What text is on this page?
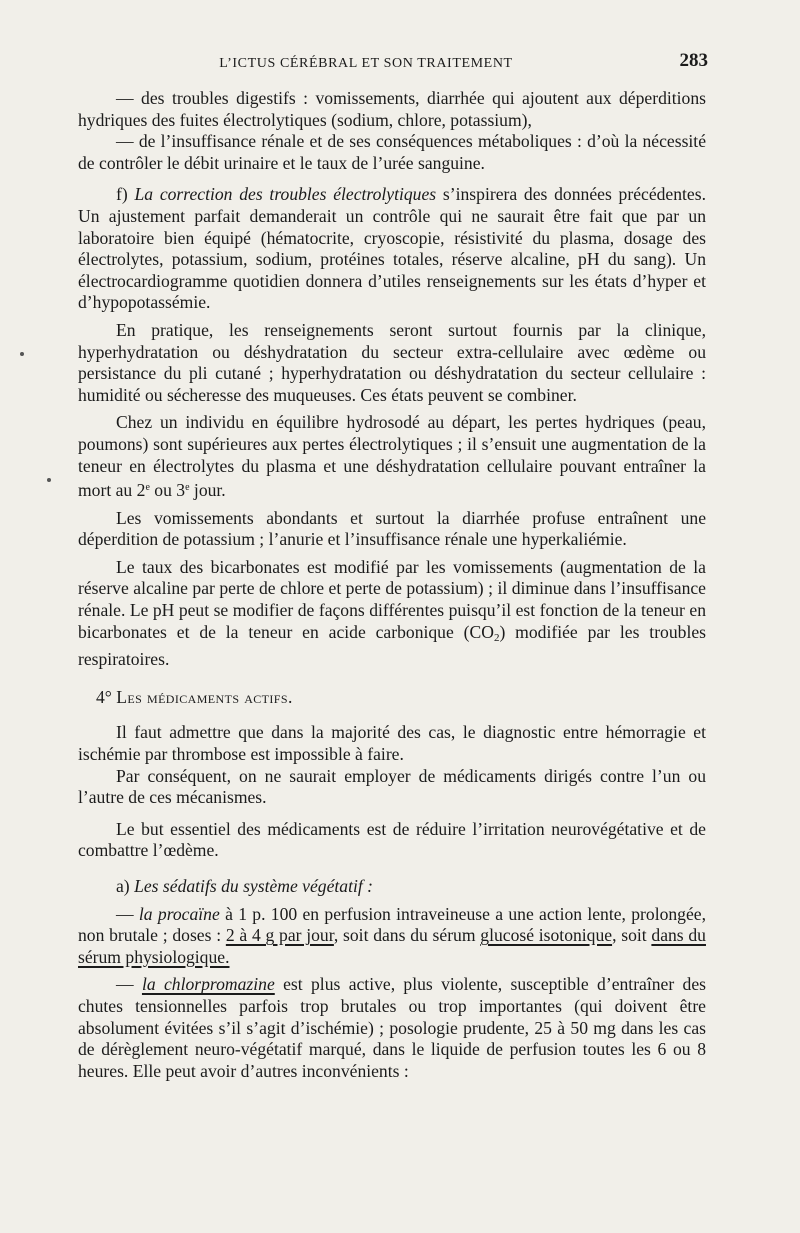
L’ICTUS CÉRÉBRAL ET SON TRAITEMENT	283

— des troubles digestifs : vomissements, diarrhée qui ajoutent aux déperditions hydriques des fuites électrolytiques (sodium, chlore, potassium),

— de l’insuffisance rénale et de ses conséquences métaboliques : d’où la nécessité de contrôler le débit urinaire et le taux de l’urée sanguine.

f) La correction des troubles électrolytiques s’inspirera des données précédentes. Un ajustement parfait demanderait un contrôle qui ne saurait être fait que par un laboratoire bien équipé (hématocrite, cryoscopie, résistivité du plasma, dosage des électrolytes, potassium, sodium, protéines totales, réserve alcaline, pH du sang). Un électrocardiogramme quotidien donnera d’utiles renseignements sur les états d’hyper et d’hypopotassémie.

En pratique, les renseignements seront surtout fournis par la clinique, hyperhydratation ou déshydratation du secteur extra-cellulaire avec œdème ou persistance du pli cutané ; hyperhydratation ou déshydratation du secteur cellulaire : humidité ou sécheresse des muqueuses. Ces états peuvent se combiner.

Chez un individu en équilibre hydrosodé au départ, les pertes hydriques (peau, poumons) sont supérieures aux pertes électrolytiques ; il s’ensuit une augmentation de la teneur en électrolytes du plasma et une déshydratation cellulaire pouvant entraîner la mort au 2e ou 3e jour.

Les vomissements abondants et surtout la diarrhée profuse entraînent une déperdition de potassium ; l’anurie et l’insuffisance rénale une hyperkaliémie.

Le taux des bicarbonates est modifié par les vomissements (augmentation de la réserve alcaline par perte de chlore et perte de potassium) ; il diminue dans l’insuffisance rénale. Le pH peut se modifier de façons différentes puisqu’il est fonction de la teneur en bicarbonates et de la teneur en acide carbonique $(CO_2)$ modifiée par les troubles respiratoires.

4° Les médicaments actifs.

Il faut admettre que dans la majorité des cas, le diagnostic entre hémorragie et ischémie par thrombose est impossible à faire.

Par conséquent, on ne saurait employer de médicaments dirigés contre l’un ou l’autre de ces mécanismes.

Le but essentiel des médicaments est de réduire l’irritation neurovégétative et de combattre l’œdème.

a) Les sédatifs du système végétatif :

— la procaïne à 1 p. 100 en perfusion intraveineuse a une action lente, prolongée, non brutale ; doses : 2 à 4 g par jour, soit dans du sérum glucosé isotonique, soit dans du sérum physiologique.

— la chlorpromazine est plus active, plus violente, susceptible d’entraîner des chutes tensionnelles parfois trop brutales ou trop importantes (qui doivent être absolument évitées s’il s’agit d’ischémie) ; posologie prudente, 25 à 50 mg dans les cas de dérèglement neuro-végétatif marqué, dans le liquide de perfusion toutes les 6 ou 8 heures. Elle peut avoir d’autres inconvénients :
